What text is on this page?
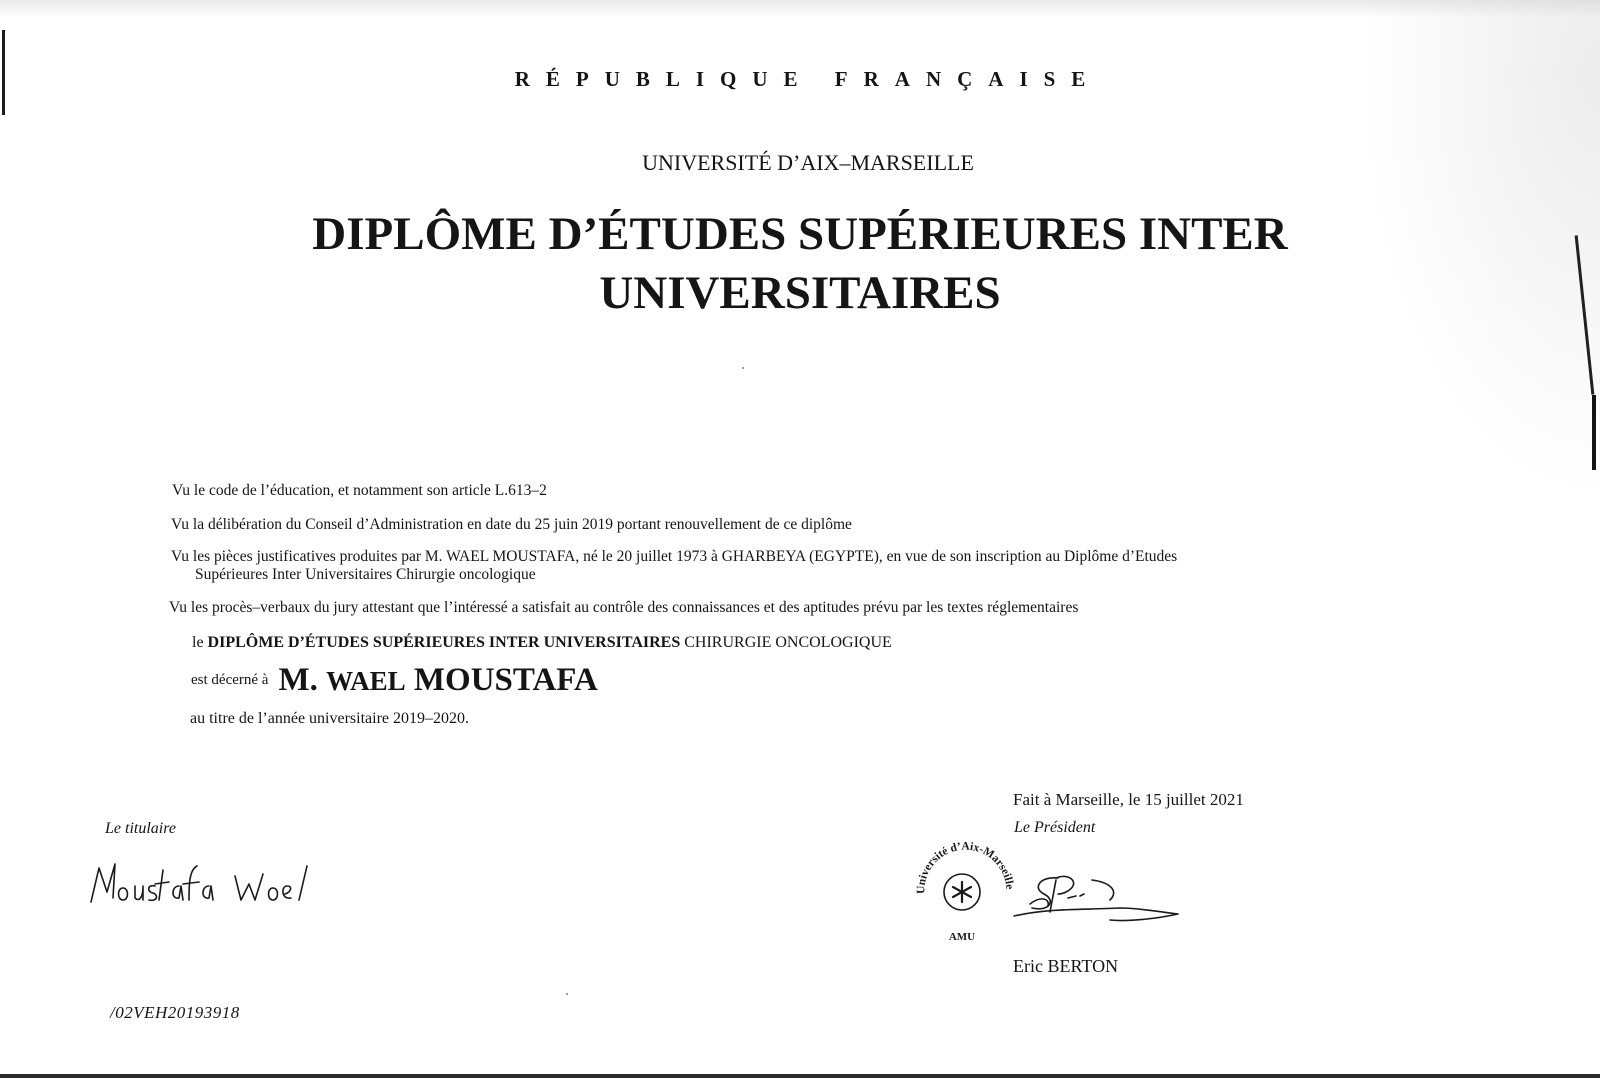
RÉPUBLIQUE FRANÇAISE
UNIVERSITÉ D’AIX–MARSEILLE
DIPLÔME D’ÉTUDES SUPÉRIEURES INTER
UNIVERSITAIRES
Vu le code de l’éducation, et notamment son article L.613–2
Vu la délibération du Conseil d’Administration en date du 25 juin 2019 portant renouvellement de ce diplôme
Vu les pièces justificatives produites par M. WAEL MOUSTAFA, né le 20 juillet 1973 à GHARBEYA (EGYPTE), en vue de son inscription au Diplôme d’Etudes
Supérieures Inter Universitaires Chirurgie oncologique
Vu les procès–verbaux du jury attestant que l’intéressé a satisfait au contrôle des connaissances et des aptitudes prévu par les textes réglementaires
le DIPLÔME D’ÉTUDES SUPÉRIEURES INTER UNIVERSITAIRES CHIRURGIE ONCOLOGIQUE
est décerné à M. WAEL MOUSTAFA
au titre de l’année universitaire 2019–2020.
Fait à Marseille, le 15 juillet 2021
Le Président
Le titulaire
Université d’Aix-Marseille
AMU
Eric BERTON
/02VEH20193918
